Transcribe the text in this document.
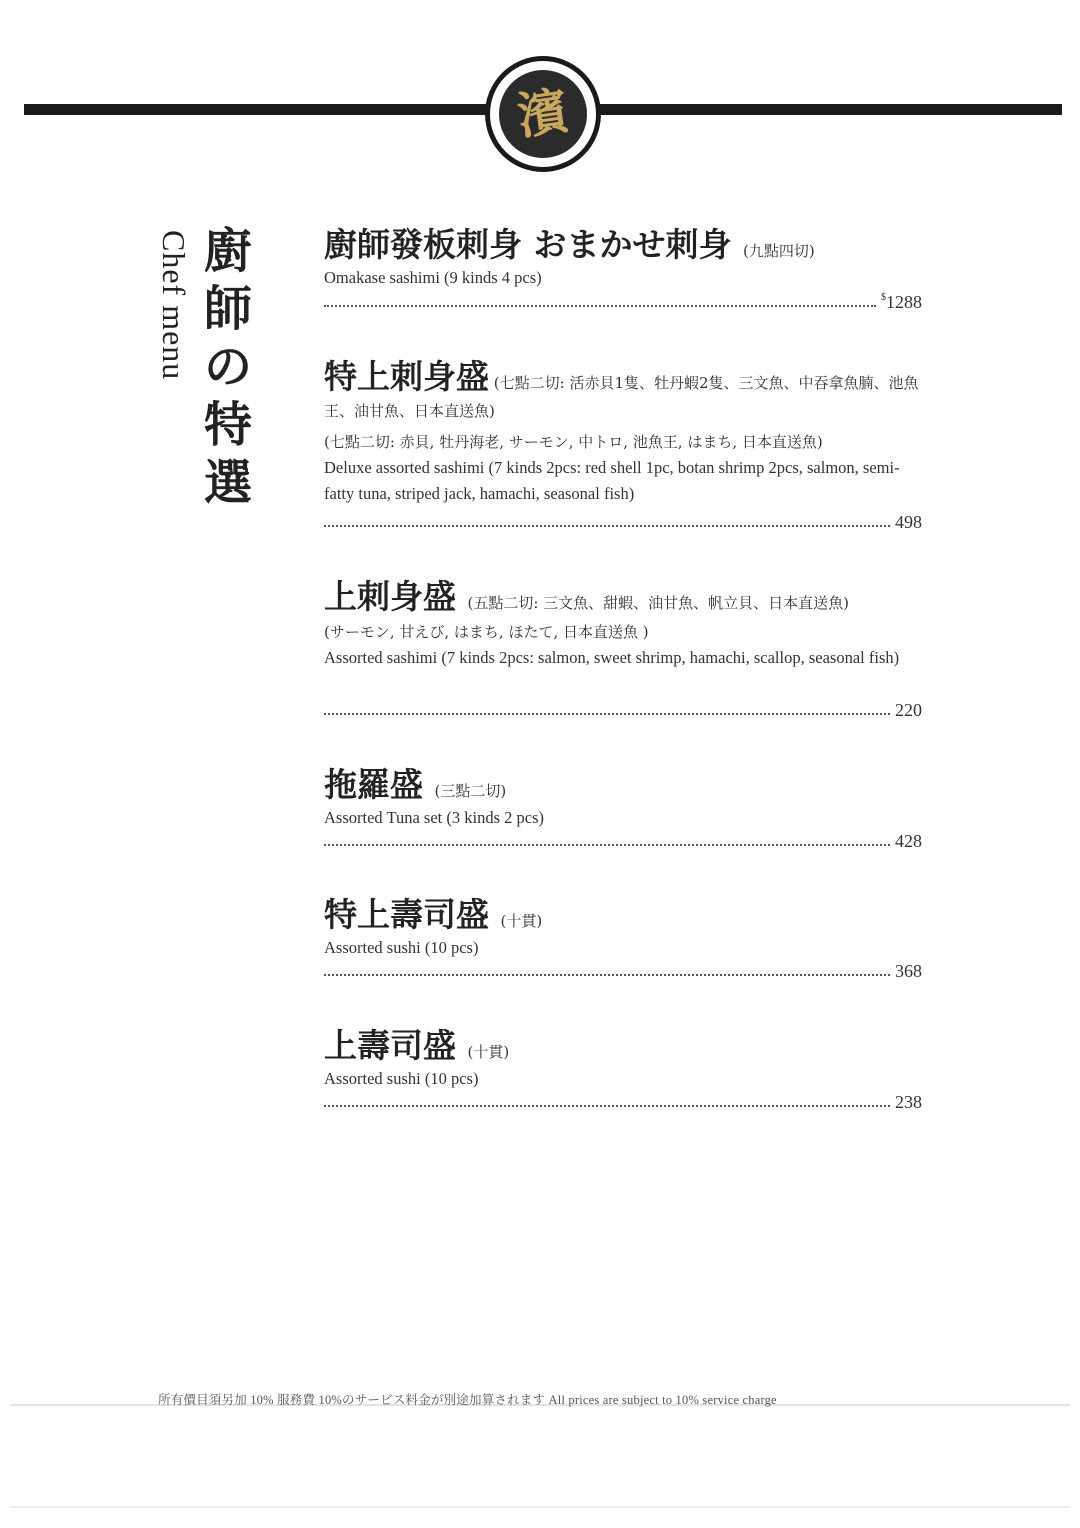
濱
Chef menu 廚師の特選
廚師發板刺身 おまかせ刺身 (九點四切)
Omakase sashimi (9 kinds 4 pcs)
$1288
特上刺身盛 (七點二切: 活赤貝1隻、牡丹蝦2隻、三文魚、中吞拿魚腩、池魚王、油甘魚、日本直送魚)
(七點二切: 赤貝, 牡丹海老, サーモン, 中トロ, 池魚王, はまち, 日本直送魚)
Deluxe assorted sashimi (7 kinds 2pcs: red shell 1pc, botan shrimp 2pcs, salmon, semi-fatty tuna, striped jack, hamachi, seasonal fish)
498
上刺身盛 (五點二切: 三文魚、甜蝦、油甘魚、帆立貝、日本直送魚)
(サーモン, 甘えび, はまち, ほたて, 日本直送魚 )
Assorted sashimi (7 kinds 2pcs: salmon, sweet shrimp, hamachi, scallop, seasonal fish)
220
拖羅盛 (三點二切)
Assorted Tuna set (3 kinds 2 pcs)
428
特上壽司盛 (十貫)
Assorted sushi (10 pcs)
368
上壽司盛 (十貫)
Assorted sushi (10 pcs)
238
所有價目須另加 10% 服務費 10%のサービス料金が別途加算されます All prices are subject to 10% service charge
